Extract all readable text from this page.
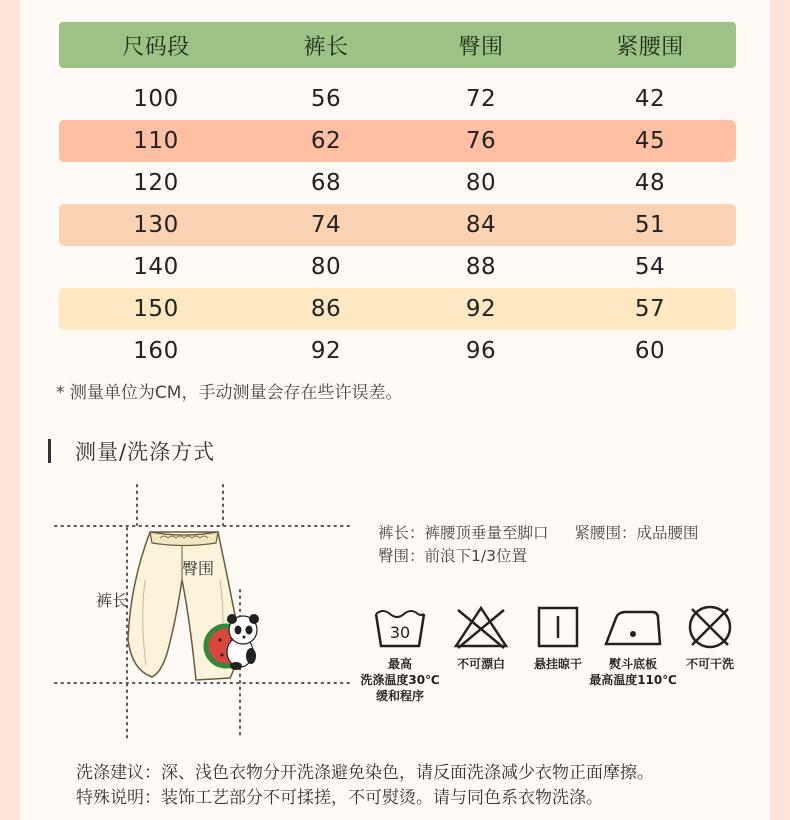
尺码段	裤长	臀围	紧腰围
100	56	72	42
110	62	76	45
120	68	80	48
130	74	84	51
140	80	88	54
150	86	92	57
160	92	96	60
* 测量单位为CM，手动测量会存在些许误差。
测量/洗涤方式
臀围
裤长
裤长：裤腰顶垂量至脚口 紧腰围：成品腰围
臀围：前浪下1/3位置
30
最高
洗涤温度30℃
缓和程序
不可漂白 悬挂晾干	熨斗底板
最高温度110℃
不可干洗
洗涤建议：深、浅色衣物分开洗涤避免染色，请反面洗涤减少衣物正面摩擦。
特殊说明：装饰工艺部分不可揉搓，不可熨烫。请与同色系衣物洗涤。
